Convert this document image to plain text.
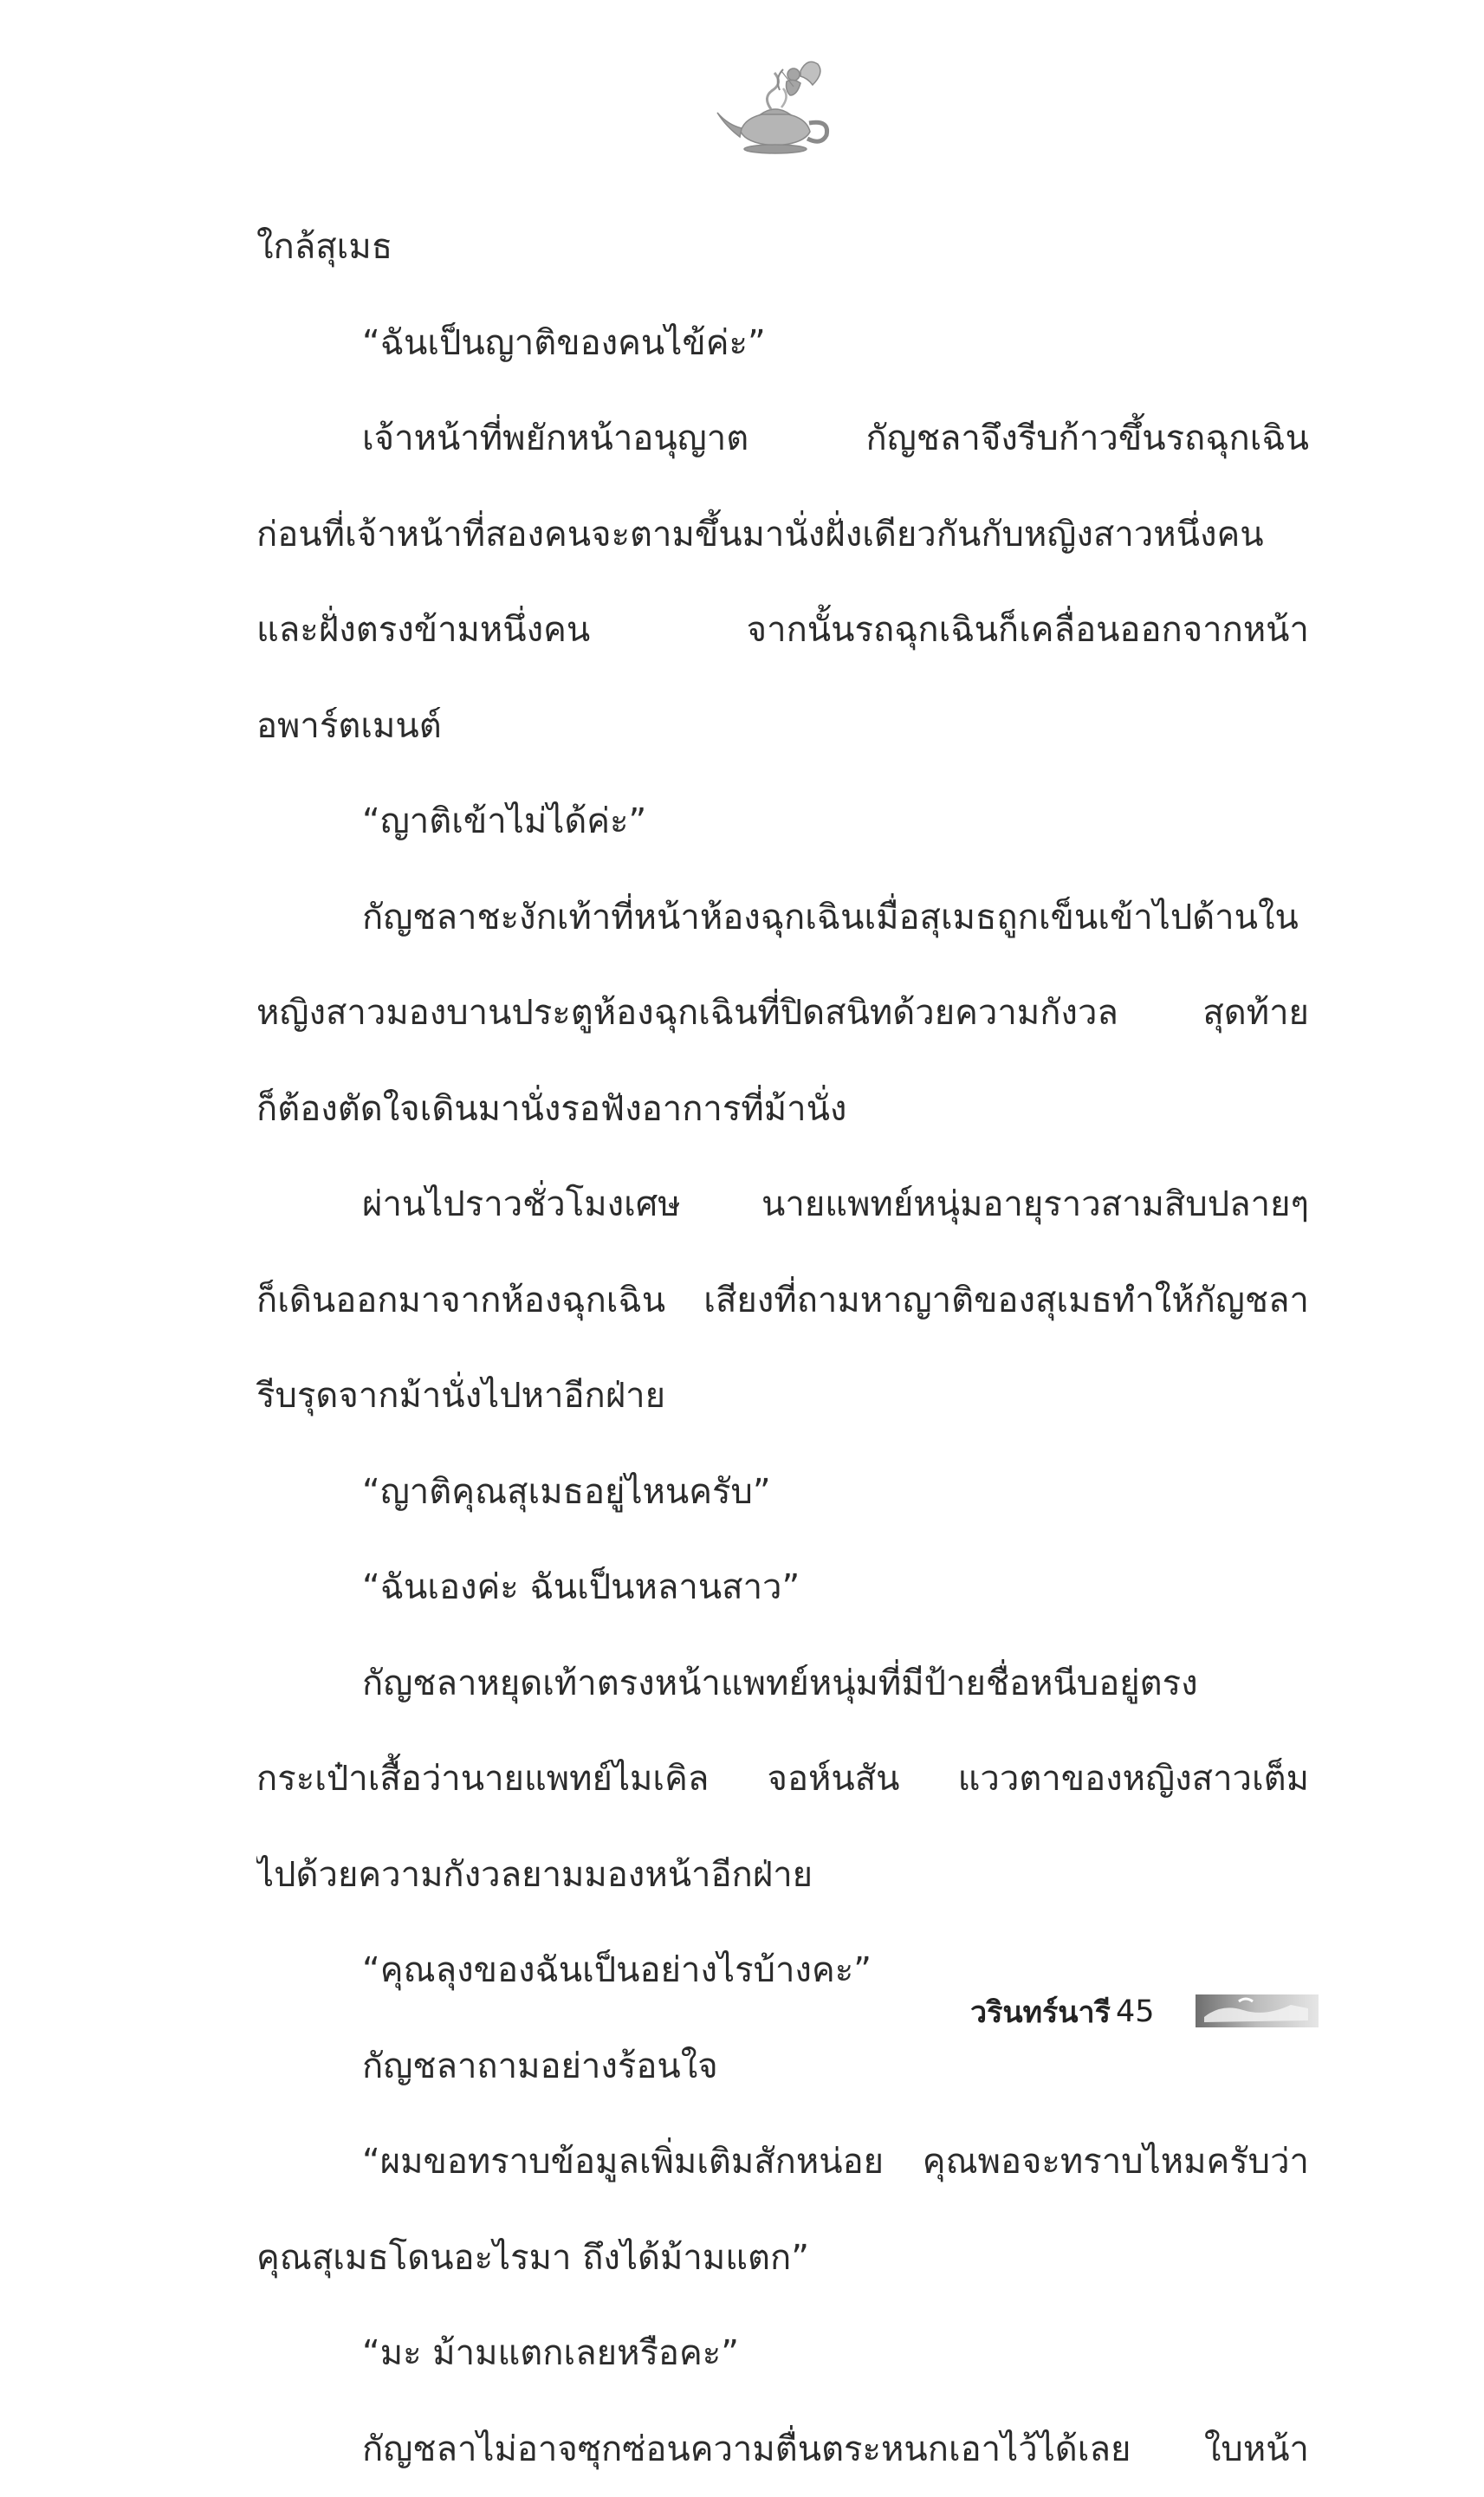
ใกล้สุเมธ
“ฉันเป็นญาติของคนไข้ค่ะ”
เจ้าหน้าที่พยักหน้าอนุญาต กัญชลาจึงรีบก้าวขึ้นรถฉุกเฉิน
ก่อนที่เจ้าหน้าที่สองคนจะตามขึ้นมานั่งฝั่งเดียวกันกับหญิงสาวหนึ่งคน
และฝั่งตรงข้ามหนึ่งคน จากนั้นรถฉุกเฉินก็เคลื่อนออกจากหน้า
อพาร์ตเมนต์
“ญาติเข้าไม่ได้ค่ะ”
กัญชลาชะงักเท้าที่หน้าห้องฉุกเฉินเมื่อสุเมธถูกเข็นเข้าไปด้านใน
หญิงสาวมองบานประตูห้องฉุกเฉินที่ปิดสนิทด้วยความกังวล สุดท้าย
ก็ต้องตัดใจเดินมานั่งรอฟังอาการที่ม้านั่ง
ผ่านไปราวชั่วโมงเศษ นายแพทย์หนุ่มอายุราวสามสิบปลายๆ
ก็เดินออกมาจากห้องฉุกเฉิน เสียงที่ถามหาญาติของสุเมธทำให้กัญชลา
รีบรุดจากม้านั่งไปหาอีกฝ่าย
“ญาติคุณสุเมธอยู่ไหนครับ”
“ฉันเองค่ะ ฉันเป็นหลานสาว”
กัญชลาหยุดเท้าตรงหน้าแพทย์หนุ่มที่มีป้ายชื่อหนีบอยู่ตรง
กระเป๋าเสื้อว่านายแพทย์ไมเคิล จอห์นสัน แววตาของหญิงสาวเต็ม
ไปด้วยความกังวลยามมองหน้าอีกฝ่าย
“คุณลุงของฉันเป็นอย่างไรบ้างคะ”
กัญชลาถามอย่างร้อนใจ
“ผมขอทราบข้อมูลเพิ่มเติมสักหน่อย คุณพอจะทราบไหมครับว่า
คุณสุเมธโดนอะไรมา ถึงได้ม้ามแตก”
“มะ ม้ามแตกเลยหรือคะ”
กัญชลาไม่อาจซุกซ่อนความตื่นตระหนกเอาไว้ได้เลย ใบหน้า
วรินทร์นารี 45
